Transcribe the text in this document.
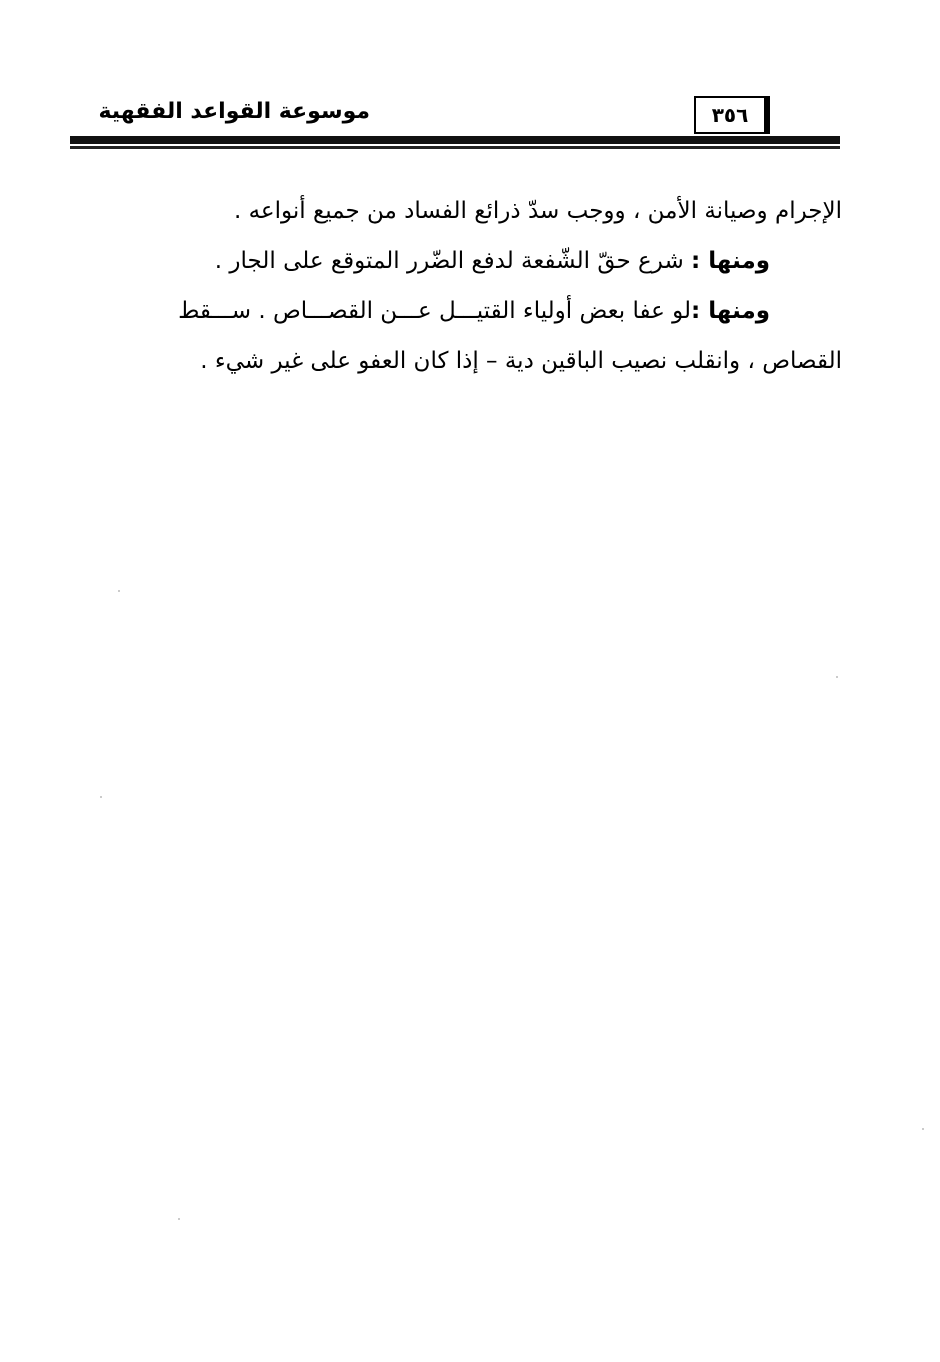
٣٥٦
موسوعة القواعد الفقهية
الإجرام وصيانة الأمن ، ووجب سدّ ذرائع الفساد من جميع أنواعه .
ومنها : شرع حقّ الشّفعة لدفع الضّرر المتوقع على الجار .
ومنها :لو عفا بعض أولياء القتيـــل عـــن القصـــاص . ســـقط
القصاص ، وانقلب نصيب الباقين دية – إذا كان العفو على غير شيء .
